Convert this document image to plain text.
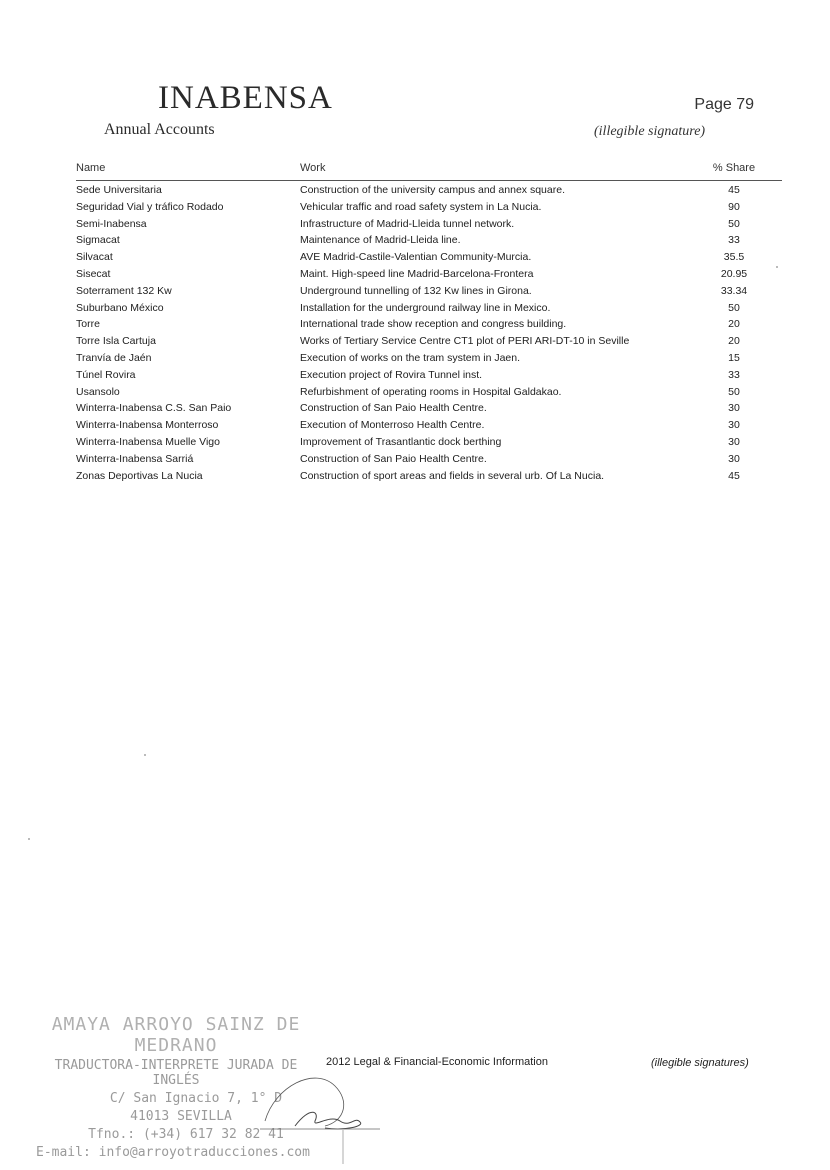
INABENSA
Annual Accounts
Page 79
(illegible signature)
Name	Work	% Share
Sede Universitaria	Construction of the university campus and annex square.	45
Seguridad Vial y tráfico Rodado	Vehicular traffic and road safety system in La Nucia.	90
Semi-Inabensa	Infrastructure of Madrid-Lleida tunnel network.	50
Sigmacat	Maintenance of Madrid-Lleida line.	33
Silvacat	AVE Madrid-Castile-Valentian Community-Murcia.	35.5
Sisecat	Maint. High-speed line Madrid-Barcelona-Frontera	20.95
Soterrament 132 Kw	Underground tunnelling of 132 Kw lines in Girona.	33.34
Suburbano México	Installation for the underground railway line in Mexico.	50
Torre	International trade show reception and congress building.	20
Torre Isla Cartuja	Works of Tertiary Service Centre CT1 plot of PERI ARI-DT-10 in Seville	20
Tranvía de Jaén	Execution of works on the tram system in Jaen.	15
Túnel Rovira	Execution project of Rovira Tunnel inst.	33
Usansolo	Refurbishment of operating rooms in Hospital Galdakao.	50
Winterra-Inabensa C.S. San Paio	Construction of San Paio Health Centre.	30
Winterra-Inabensa Monterroso	Execution of Monterroso Health Centre.	30
Winterra-Inabensa Muelle Vigo	Improvement of Trasantlantic dock berthing	30
Winterra-Inabensa Sarriá	Construction of San Paio Health Centre.	30
Zonas Deportivas La Nucia	Construction of sport areas and fields in several urb. Of La Nucia.	45
AMAYA ARROYO SAINZ DE MEDRANO
TRADUCTORA-INTERPRETE JURADA DE INGLÉS
C/ San Ignacio 7, 1° D
41013 SEVILLA
Tfno.: (+34) 617 32 82 41
E-mail: info@arroyotraducciones.com
2012 Legal & Financial-Economic Information	(illegible signatures)
